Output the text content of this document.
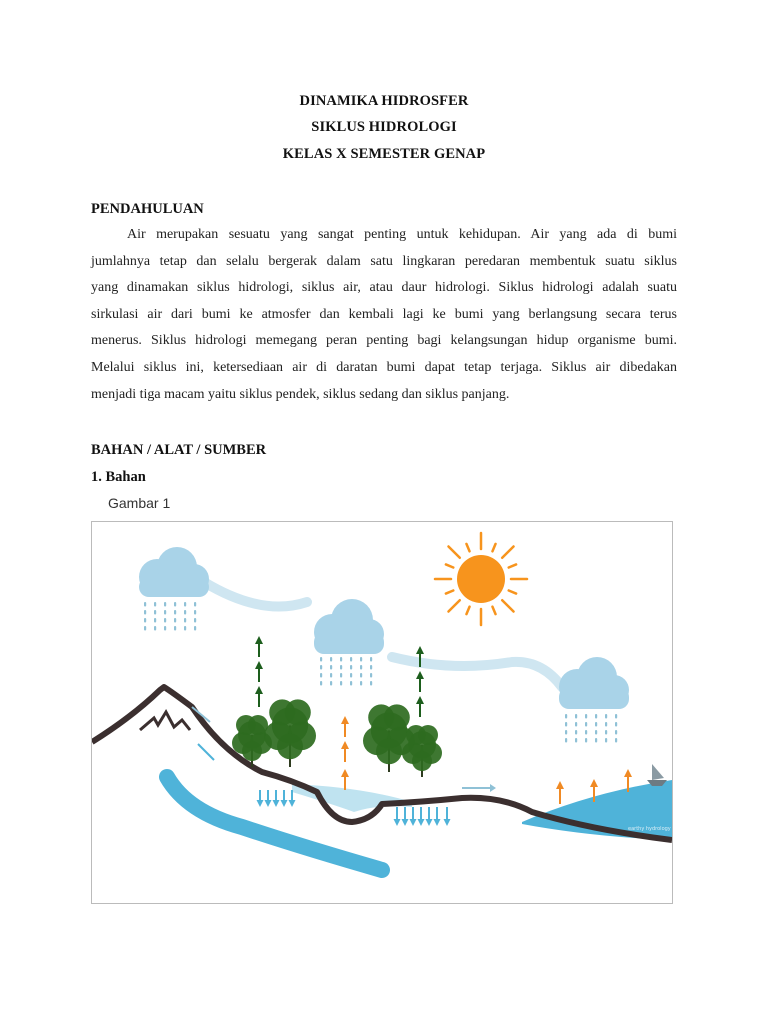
DINAMIKA HIDROSFER
SIKLUS HIDROLOGI
KELAS X SEMESTER GENAP
PENDAHULUAN
Air merupakan sesuatu yang sangat penting untuk kehidupan. Air yang ada di bumi
jumlahnya tetap dan selalu bergerak dalam satu lingkaran peredaran membentuk suatu siklus
yang dinamakan siklus hidrologi, siklus air, atau daur hidrologi. Siklus hidrologi adalah suatu
sirkulasi air dari bumi ke atmosfer dan kembali lagi ke bumi yang berlangsung secara terus
menerus. Siklus hidrologi memegang peran penting bagi kelangsungan hidup organisme bumi.
Melalui siklus ini, ketersediaan air di daratan bumi dapat tetap terjaga. Siklus air dibedakan
menjadi tiga macam yaitu siklus pendek, siklus sedang dan siklus panjang.
BAHAN / ALAT / SUMBER
1. Bahan
Gambar 1
earthy hydrology
